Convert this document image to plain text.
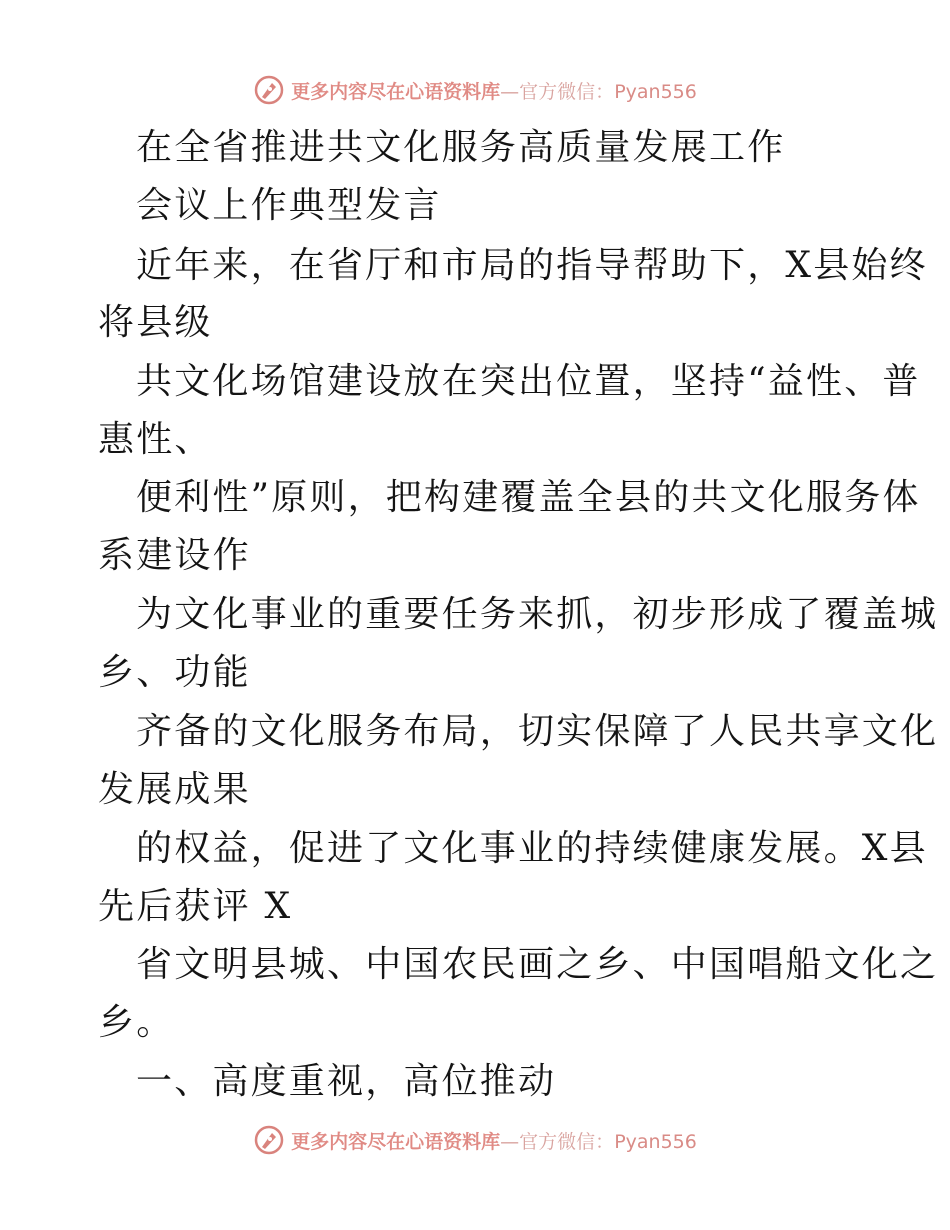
更多内容尽在心语资料库—官方微信：Pyan556
在全省推进共文化服务高质量发展工作
会议上作典型发言
近年来，在省厅和市局的指导帮助下，X县始终
将县级
共文化场馆建设放在突出位置，坚持“益性、普
惠性、
便利性”原则，把构建覆盖全县的共文化服务体
系建设作
为文化事业的重要任务来抓，初步形成了覆盖城
乡、功能
齐备的文化服务布局，切实保障了人民共享文化
发展成果
的权益，促进了文化事业的持续健康发展。X县
先后获评 X
省文明县城、中国农民画之乡、中国唱船文化之
乡。
一、高度重视，高位推动
更多内容尽在心语资料库—官方微信：Pyan556
